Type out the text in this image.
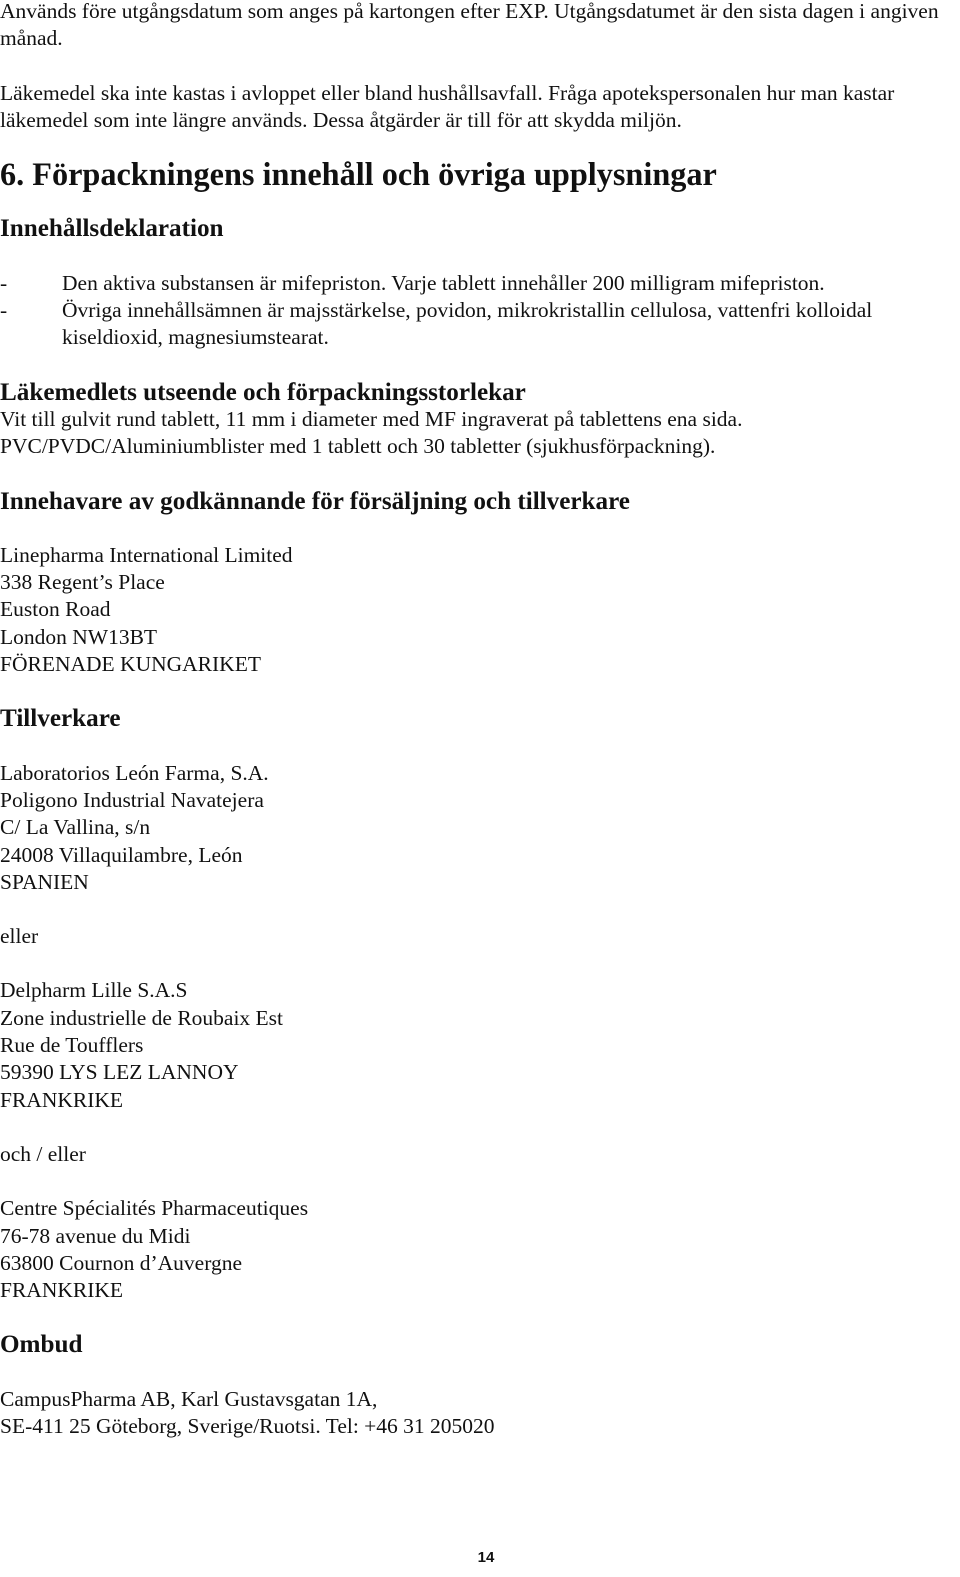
Används före utgångsdatum som anges på kartongen efter EXP. Utgångsdatumet är den sista dagen i angiven månad.

Läkemedel ska inte kastas i avloppet eller bland hushållsavfall. Fråga apotekspersonalen hur man kastar läkemedel som inte längre används. Dessa åtgärder är till för att skydda miljön.

6. Förpackningens innehåll och övriga upplysningar
Innehållsdeklaration
-	Den aktiva substansen är mifepriston. Varje tablett innehåller 200 milligram mifepriston.
-	Övriga innehållsämnen är majsstärkelse, povidon, mikrokristallin cellulosa, vattenfri kolloidal kiseldioxid, magnesiumstearat.
Läkemedlets utseende och förpackningsstorlekar

Vit till gulvit rund tablett, 11 mm i diameter med MF ingraverat på tablettens ena sida.

PVC/PVDC/Aluminiumblister med 1 tablett och 30 tabletter (sjukhusförpackning).

Innehavare av godkännande för försäljning och tillverkare

Linepharma International Limited

338 Regent’s Place

Euston Road

London NW13BT

FÖRENADE KUNGARIKET

Tillverkare

Laboratorios León Farma, S.A.

Poligono Industrial Navatejera

C/ La Vallina, s/n

24008 Villaquilambre, León

SPANIEN

eller

Delpharm Lille S.A.S

Zone industrielle de Roubaix Est

Rue de Toufflers

59390 LYS LEZ LANNOY

FRANKRIKE

och / eller

Centre Spécialités Pharmaceutiques

76-78 avenue du Midi

63800 Cournon d’Auvergne

FRANKRIKE

Ombud

CampusPharma AB, Karl Gustavsgatan 1A,

SE-411 25 Göteborg, Sverige/Ruotsi. Tel: +46 31 205020

14
